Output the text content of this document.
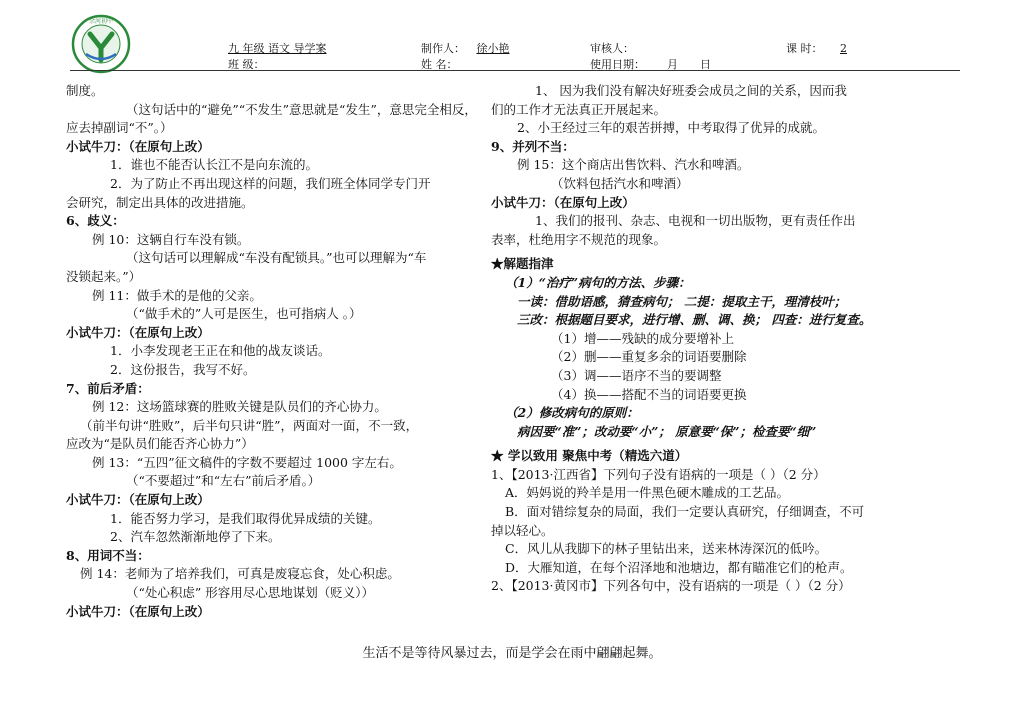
余河初中
九 年级 语文 导学案	制作人： 徐小艳	审核人：	课 时： 2
班 级：	姓 名：	使用日期：____月____日

制度。

（这句话中的“避免”“不发生”意思就是“发生”，意思完全相反，

应去掉副词“不”。）

小试牛刀：（在原句上改）

1．谁也不能否认长江不是向东流的。

2．为了防止不再出现这样的问题，我们班全体同学专门开

会研究，制定出具体的改进措施。

6、歧义：

例 10：这辆自行车没有锁。

（这句话可以理解成“车没有配锁具。”也可以理解为“车

没锁起来。”）

例 11：做手术的是他的父亲。

（“做手术的”人可是医生，也可指病人 。）

小试牛刀：（在原句上改）

1．小李发现老王正在和他的战友谈话。

2．这份报告，我写不好。

7、前后矛盾：

例 12：这场篮球赛的胜败关键是队员们的齐心协力。

（前半句讲“胜败”，后半句只讲“胜”，两面对一面，不一致，

应改为“是队员们能否齐心协力”）

例 13：“五四”征文稿件的字数不要超过 1000 字左右。

（“不要超过”和“左右”前后矛盾。）

小试牛刀：（在原句上改）

1．能否努力学习，是我们取得优异成绩的关键。

2、汽车忽然渐渐地停了下来。

8、用词不当：

例 14：老师为了培养我们，可真是废寝忘食，处心积虑。

（“处心积虑” 形容用尽心思地谋划（贬义））

小试牛刀：（在原句上改）

1、 因为我们没有解决好班委会成员之间的关系，因而我

们的工作才无法真正开展起来。

2、小王经过三年的艰苦拼搏，中考取得了优异的成就。

9、并列不当：

例 15：这个商店出售饮料、汽水和啤酒。

（饮料包括汽水和啤酒）

小试牛刀：（在原句上改）

1、我们的报刊、杂志、电视和一切出版物，更有责任作出

表率，杜绝用字不规范的现象。

★解题指津

（1）“治疗”病句的方法、步骤：

一读：借助语感，猜查病句； 二提：提取主干，理清枝叶；

三改：根据题目要求，进行增、删、调、换； 四查：进行复查。

（1）增——残缺的成分要增补上

（2）删——重复多余的词语要删除

（3）调——语序不当的要调整

（4）换——搭配不当的词语要更换

（2）修改病句的原则：

病因要“准”；改动要“小”； 原意要“保”；检查要“细”

★ 学以致用 聚焦中考（精选六道）

1、【2013·江西省】下列句子没有语病的一项是（ ）（2 分）

A．妈妈说的羚羊是用一件黑色硬木雕成的工艺品。

B．面对错综复杂的局面，我们一定要认真研究，仔细调查，不可

掉以轻心。

C．风儿从我脚下的林子里钻出来，送来林涛深沉的低吟。

D．大雁知道，在每个沼泽地和池塘边，都有瞄准它们的枪声。

2、【2013·黄冈市】下列各句中，没有语病的一项是（ ）（2 分）

生活不是等待风暴过去，而是学会在雨中翩翩起舞。
